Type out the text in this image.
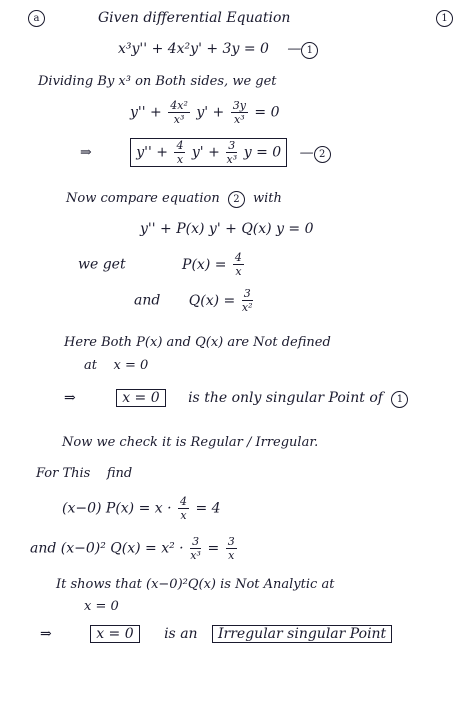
a	Given differential Equation	1
x³y'' + 4x²y' + 3y = 0 — 1
Dividing By x³ on Both sides, we get
$y'' + \frac{\text{4x²}}{\text{x³}} y' + \frac{3y}{\text{x³}} = 0$
⇒	$y'' + \frac{4}{x} y' + \frac{3}{\text{x³}}$ y = 0 — 2
Now compare equation 2 with
y'' + P(x) y' + Q(x) y = 0
we get	$P(x) = \frac{4}{x}$
and $Q(x) = \frac{3}{\text{x²}}$
Here Both P(x) and Q(x) are Not defined
at    x = 0
⇒	x = 0 is the only singular Point of 1
Now we check it is Regular / Irregular.
For This    find
(x−0) $P(x) = x \cdot \frac{4}{x} = 4$
and (x−0)² $Q(x) = x^2 \cdot \frac{3}{\text{x³}} = \frac{3}{x}$
It shows that (x−0)²Q(x) is Not Analytic at
x = 0
⇒	x = 0 is an Irregular singular Point
